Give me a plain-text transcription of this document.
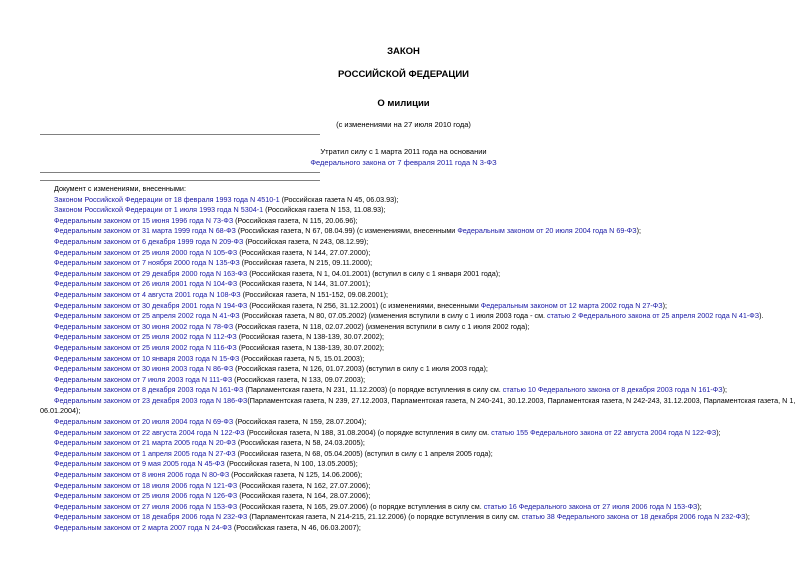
ЗАКОН
РОССИЙСКОЙ ФЕДЕРАЦИИ
О милиции
(с изменениями на 27 июля 2010 года)
Утратил силу с 1 марта 2011 года на основании
Федерального закона от 7 февраля 2011 года N 3-ФЗ
Документ с изменениями, внесенными:
Законом Российской Федерации от 18 февраля 1993 года N 4510-1 (Российская газета N 45, 06.03.93);
Законом Российской Федерации от 1 июля 1993 года N 5304-1 (Российская газета N 153, 11.08.93);
Федеральным законом от 15 июня 1996 года N 73-ФЗ (Российская газета, N 115, 20.06.96);
Федеральным законом от 31 марта 1999 года N 68-ФЗ (Российская газета, N 67, 08.04.99) (с изменениями, внесенными Федеральным законом от 20 июля 2004 года N 69-ФЗ);
Федеральным законом от 6 декабря 1999 года N 209-ФЗ (Российская газета, N 243, 08.12.99);
Федеральным законом от 25 июля 2000 года N 105-ФЗ (Российская газета, N 144, 27.07.2000);
Федеральным законом от 7 ноября 2000 года N 135-ФЗ (Российская газета, N 215, 09.11.2000);
Федеральным законом от 29 декабря 2000 года N 163-ФЗ (Российская газета, N 1, 04.01.2001) (вступил в силу с 1 января 2001 года);
Федеральным законом от 26 июля 2001 года N 104-ФЗ (Российская газета, N 144, 31.07.2001);
Федеральным законом от 4 августа 2001 года N 108-ФЗ (Российская газета, N 151-152, 09.08.2001);
Федеральным законом от 30 декабря 2001 года N 194-ФЗ (Российская газета, N 256, 31.12.2001) (с изменениями, внесенными Федеральным законом от 12 марта 2002 года N 27-ФЗ);
Федеральным законом от 25 апреля 2002 года N 41-ФЗ (Российская газета, N 80, 07.05.2002) (изменения вступили в силу с 1 июля 2003 года - см. статью 2 Федерального закона от 25 апреля 2002 года N 41-ФЗ).
Федеральным законом от 30 июня 2002 года N 78-ФЗ (Российская газета, N 118, 02.07.2002) (изменения вступили в силу с 1 июля 2002 года);
Федеральным законом от 25 июля 2002 года N 112-ФЗ (Российская газета, N 138-139, 30.07.2002);
Федеральным законом от 25 июля 2002 года N 116-ФЗ (Российская газета, N 138-139, 30.07.2002);
Федеральным законом от 10 января 2003 года N 15-ФЗ (Российская газета, N 5, 15.01.2003);
Федеральным законом от 30 июня 2003 года N 86-ФЗ (Российская газета, N 126, 01.07.2003) (вступил в силу с 1 июля 2003 года);
Федеральным законом от 7 июля 2003 года N 111-ФЗ (Российская газета, N 133, 09.07.2003);
Федеральным законом от 8 декабря 2003 года N 161-ФЗ (Парламентская газета, N 231, 11.12.2003) (о порядке вступления в силу см. статью 10 Федерального закона от 8 декабря 2003 года N 161-ФЗ);
Федеральным законом от 23 декабря 2003 года N 186-ФЗ(Парламентская газета, N 239, 27.12.2003, Парламентская газета, N 240-241, 30.12.2003, Парламентская газета, N 242-243, 31.12.2003, Парламентская газета, N 1, 06.01.2004);
Федеральным законом от 20 июля 2004 года N 69-ФЗ (Российская газета, N 159, 28.07.2004);
Федеральным законом от 22 августа 2004 года N 122-ФЗ (Российская газета, N 188, 31.08.2004) (о порядке вступления в силу см. статью 155 Федерального закона от 22 августа 2004 года N 122-ФЗ);
Федеральным законом от 21 марта 2005 года N 20-ФЗ (Российская газета, N 58, 24.03.2005);
Федеральным законом от 1 апреля 2005 года N 27-ФЗ (Российская газета, N 68, 05.04.2005) (вступил в силу с 1 апреля 2005 года);
Федеральным законом от 9 мая 2005 года N 45-ФЗ (Российская газета, N 100, 13.05.2005);
Федеральным законом от 8 июня 2006 года N 80-ФЗ (Российская газета, N 125, 14.06.2006);
Федеральным законом от 18 июля 2006 года N 121-ФЗ (Российская газета, N 162, 27.07.2006);
Федеральным законом от 25 июля 2006 года N 126-ФЗ (Российская газета, N 164, 28.07.2006);
Федеральным законом от 27 июля 2006 года N 153-ФЗ (Российская газета, N 165, 29.07.2006) (о порядке вступления в силу см. статью 16 Федерального закона от 27 июля 2006 года N 153-ФЗ);
Федеральным законом от 18 декабря 2006 года N 232-ФЗ (Парламентская газета, N 214-215, 21.12.2006) (о порядке вступления в силу см. статью 38 Федерального закона от 18 декабря 2006 года N 232-ФЗ);
Федеральным законом от 2 марта 2007 года N 24-ФЗ (Российская газета, N 46, 06.03.2007);
